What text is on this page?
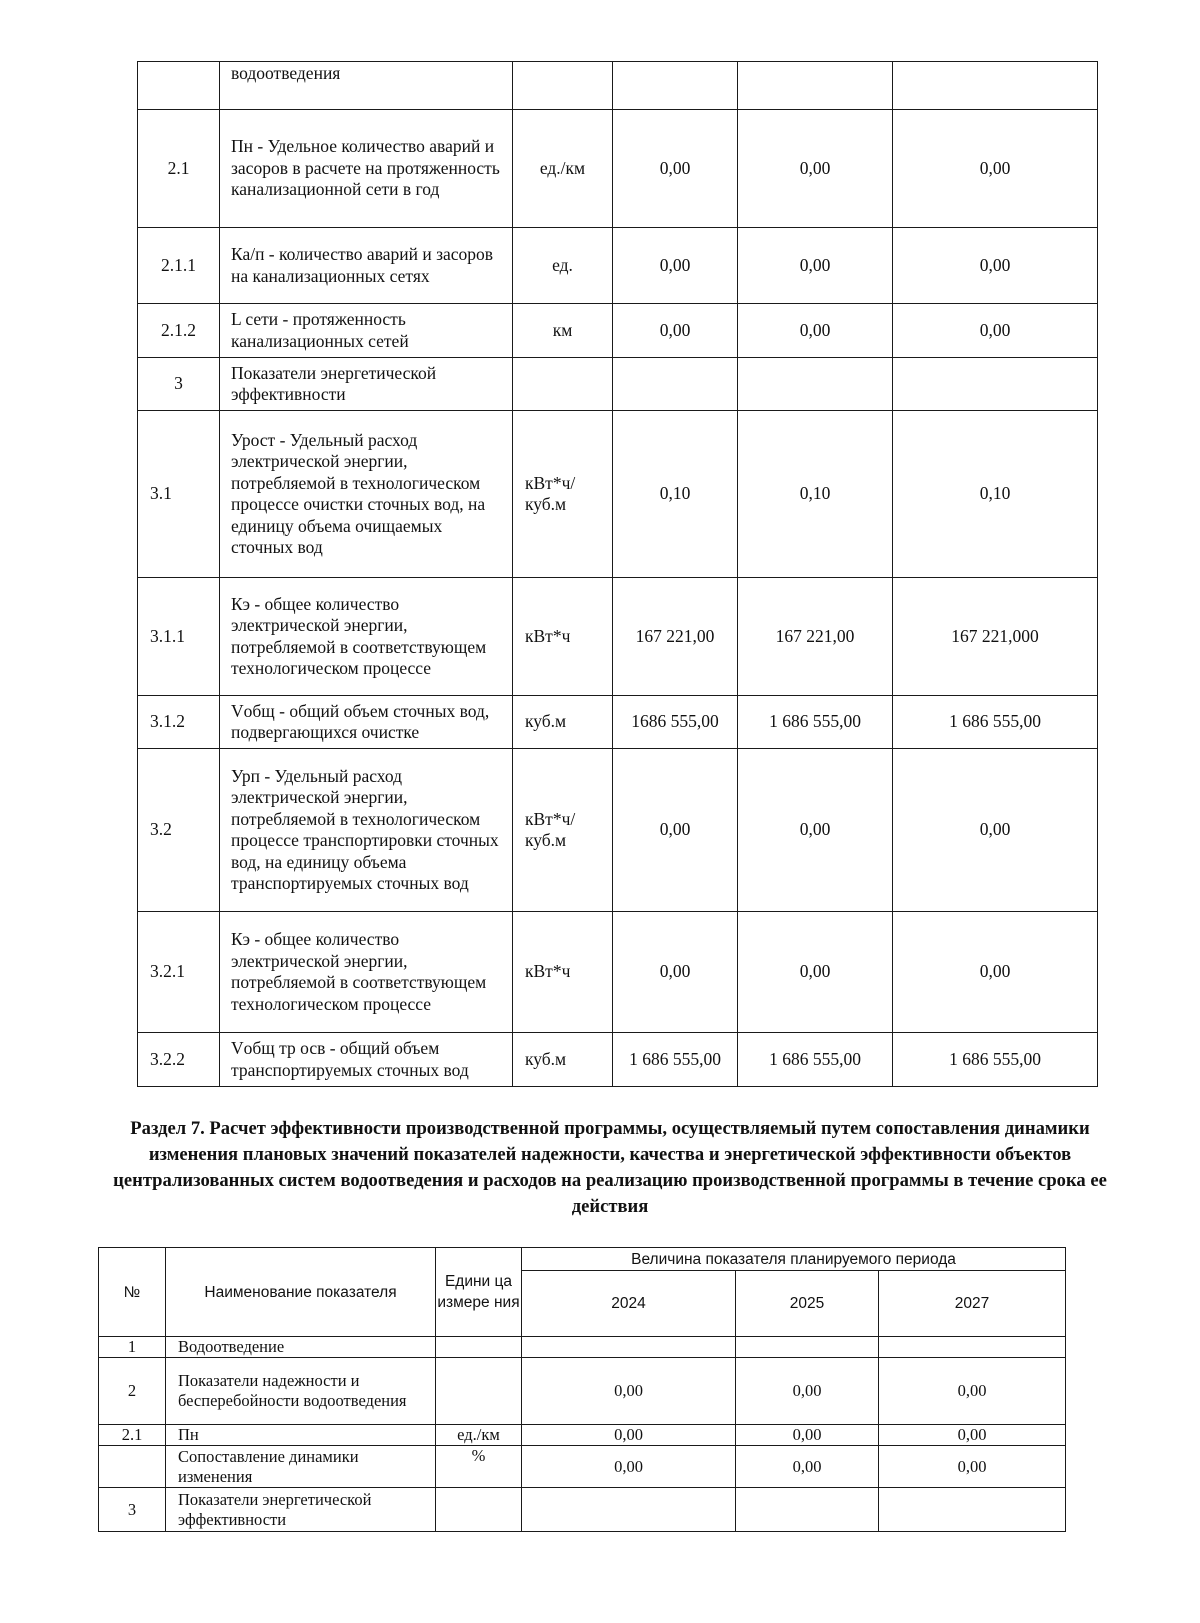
	водоотведения				
2.1	Пн - Удельное количество аварий и засоров в расчете на протяженность канализационной сети в год	ед./км	0,00	0,00	0,00
2.1.1	Ка/п - количество аварий и засоров на канализационных сетях	ед.	0,00	0,00	0,00
2.1.2	L сети - протяженность канализационных сетей	км	0,00	0,00	0,00
3	Показатели энергетической эффективности				
3.1	Урост - Удельный расход электрической энергии, потребляемой в технологическом процессе очистки сточных вод, на единицу объема очищаемых сточных вод	кВт*ч/ куб.м	0,10	0,10	0,10
3.1.1	Кэ - общее количество электрической энергии, потребляемой в соответствующем технологическом процессе	кВт*ч	167 221,00	167 221,00	167 221,000
3.1.2	Vобщ - общий объем сточных вод, подвергающихся очистке	куб.м	1686 555,00	1 686 555,00	1 686 555,00
3.2	Урп - Удельный расход электрической энергии, потребляемой в технологическом процессе транспортировки сточных вод, на единицу объема транспортируемых сточных вод	кВт*ч/ куб.м	0,00	0,00	0,00
3.2.1	Кэ - общее количество электрической энергии, потребляемой в соответствующем технологическом процессе	кВт*ч	0,00	0,00	0,00
3.2.2	Vобщ тр осв - общий объем транспортируемых сточных вод	куб.м	1 686 555,00	1 686 555,00	1 686 555,00

Раздел 7. Расчет эффективности производственной программы, осуществляемый путем сопоставления динамики изменения плановых значений показателей надежности, качества и энергетической эффективности объектов централизованных систем водоотведения и расходов на реализацию производственной программы в течение срока ее действия

№	Наименование показателя	Едини ца измере ния	Величина показателя планируемого периода		
			2024	2025	2027
1	Водоотведение				
2	Показатели надежности и бесперебойности водоотведения		0,00	0,00	0,00
2.1	Пн	ед./км	0,00	0,00	0,00
	Сопоставление динамики изменения	%	0,00	0,00	0,00
3	Показатели энергетической эффективности				
